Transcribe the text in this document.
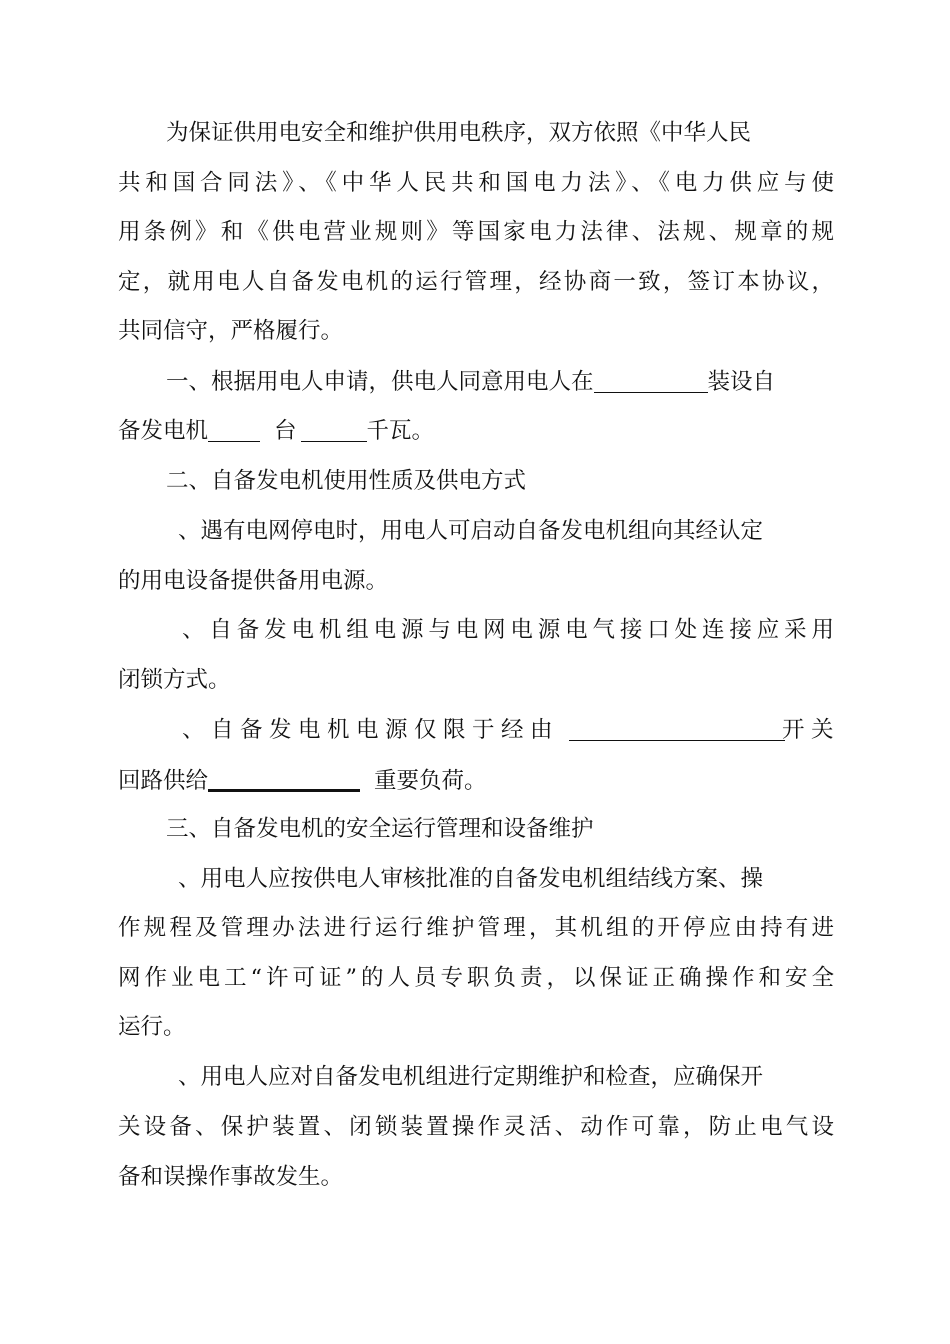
为保证供用电安全和维护供用电秩序，双方依照《中华人民
共和国合同法》、《中华人民共和国电力法》、《电力供应与使
用条例》和《供电营业规则》等国家电力法律、法规、规章的规
定，就用电人自备发电机的运行管理，经协商一致，签订本协议，
共同信守，严格履行。
一、根据用电人申请，供电人同意用电人在	装设自
备发电机	台	千瓦。
二、自备发电机使用性质及供电方式
、遇有电网停电时，用电人可启动自备发电机组向其经认定
的用电设备提供备用电源。
、自备发电机组电源与电网电源电气接口处连接应采用
闭锁方式。
、自备发电机电源仅限于经由	开关
回路供给	重要负荷。
三、自备发电机的安全运行管理和设备维护
、用电人应按供电人审核批准的自备发电机组结线方案、操
作规程及管理办法进行运行维护管理，其机组的开停应由持有进
网作业电工“许可证”的人员专职负责，以保证正确操作和安全
运行。
、用电人应对自备发电机组进行定期维护和检查，应确保开
关设备、保护装置、闭锁装置操作灵活、动作可靠，防止电气设
备和误操作事故发生。
